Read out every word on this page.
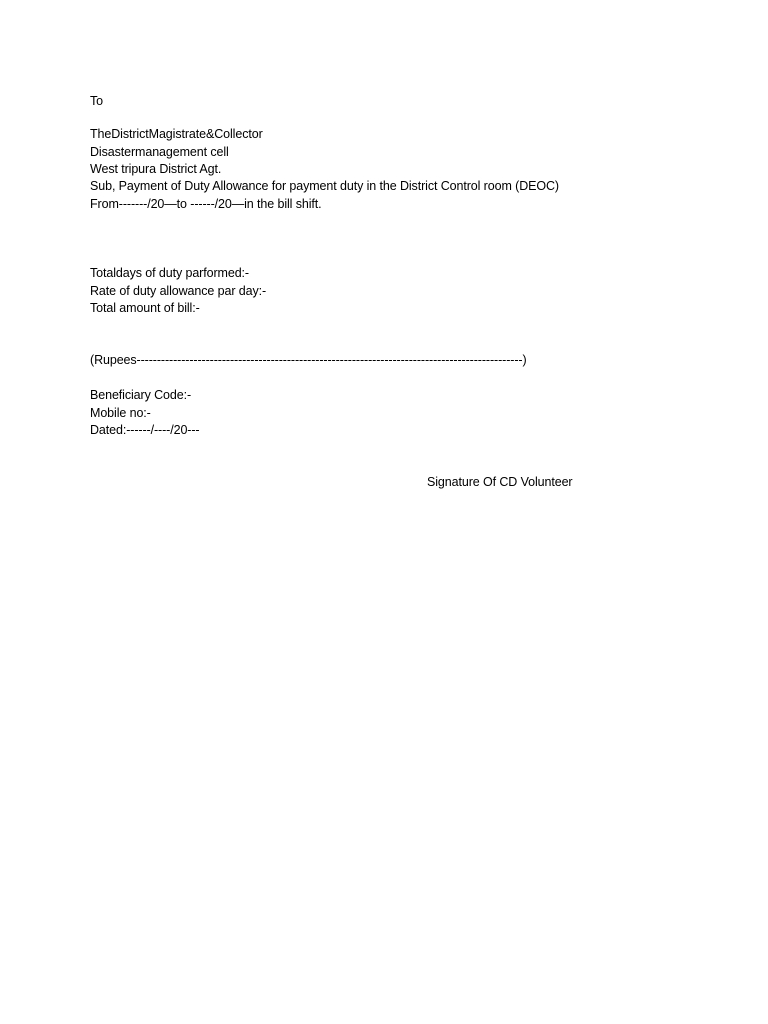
To
TheDistrictMagistrate&Collector
Disastermanagement cell
West tripura District Agt.
Sub, Payment of Duty Allowance for payment duty in the District Control room (DEOC)
From-------/20—to ------/20—in the bill shift.
Totaldays of duty parformed:-
Rate of duty allowance par day:-
Total amount of bill:-
(Rupees-----------------------------------------------------------------------------------------------)
Beneficiary Code:-
Mobile no:-
Dated:------/----/20---
Signature Of CD Volunteer
